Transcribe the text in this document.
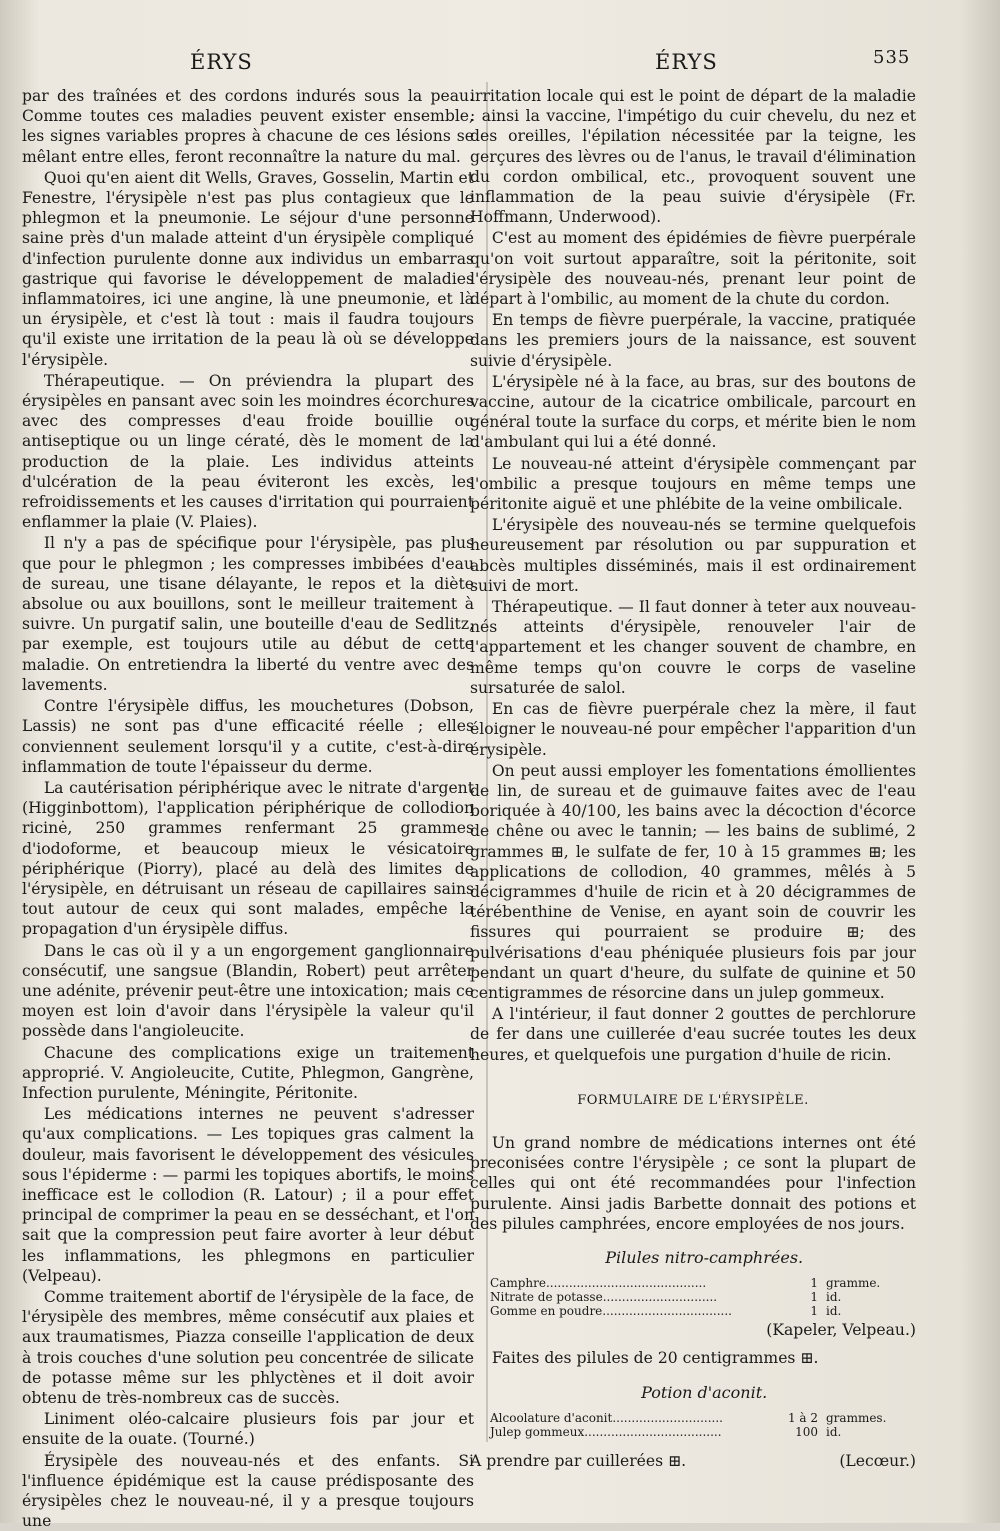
ÉRYS	ÉRYS	535

par des traînées et des cordons indurés sous la peau. Comme toutes ces maladies peuvent exister ensemble, les signes variables propres à chacune de ces lésions se mêlant entre elles, feront reconnaître la nature du mal.

Quoi qu'en aient dit Wells, Graves, Gosselin, Martin et Fenestre, l'érysipèle n'est pas plus contagieux que le phlegmon et la pneumonie. Le séjour d'une personne saine près d'un malade atteint d'un érysipèle compliqué d'infection purulente donne aux individus un embarras gastrique qui favorise le développement de maladies inflammatoires, ici une angine, là une pneumonie, et là un érysipèle, et c'est là tout : mais il faudra toujours qu'il existe une irritation de la peau là où se développe l'érysipèle.

Thérapeutique. — On préviendra la plupart des érysipèles en pansant avec soin les moindres écorchures avec des compresses d'eau froide bouillie ou antiseptique ou un linge cératé, dès le moment de la production de la plaie. Les individus atteints d'ulcération de la peau éviteront les excès, les refroidissements et les causes d'irritation qui pourraient enflammer la plaie (V. Plaies).

Il n'y a pas de spécifique pour l'érysipèle, pas plus que pour le phlegmon ; les compresses imbibées d'eau de sureau, une tisane délayante, le repos et la diète absolue ou aux bouillons, sont le meilleur traitement à suivre. Un purgatif salin, une bouteille d'eau de Sedlitz, par exemple, est toujours utile au début de cette maladie. On entretiendra la liberté du ventre avec des lavements.

Contre l'érysipèle diffus, les mouchetures (Dobson, Lassis) ne sont pas d'une efficacité réelle ; elles conviennent seulement lorsqu'il y a cutite, c'est-à-dire inflammation de toute l'épaisseur du derme.

La cautérisation périphérique avec le nitrate d'argent (Higginbottom), l'application périphérique de collodion ricinė, 250 grammes renfermant 25 grammes d'iodoforme, et beaucoup mieux le vésicatoire périphérique (Piorry), placé au delà des limites de l'érysipèle, en détruisant un réseau de capillaires sains tout autour de ceux qui sont malades, empêche la propagation d'un érysipèle diffus.

Dans le cas où il y a un engorgement ganglionnaire consécutif, une sangsue (Blandin, Robert) peut arrêter une adénite, prévenir peut-être une intoxication; mais ce moyen est loin d'avoir dans l'érysipèle la valeur qu'il possède dans l'angioleucite.

Chacune des complications exige un traitement approprié. V. Angioleucite, Cutite, Phlegmon, Gangrène, Infection purulente, Méningite, Péritonite.

Les médications internes ne peuvent s'adresser qu'aux complications. — Les topiques gras calment la douleur, mais favorisent le développement des vésicules sous l'épiderme : — parmi les topiques abortifs, le moins inefficace est le collodion (R. Latour) ; il a pour effet principal de comprimer la peau en se desséchant, et l'on sait que la compression peut faire avorter à leur début les inflammations, les phlegmons en particulier (Velpeau).

Comme traitement abortif de l'érysipèle de la face, de l'érysipèle des membres, même consécutif aux plaies et aux traumatismes, Piazza conseille l'application de deux à trois couches d'une solution peu concentrée de silicate de potasse même sur les phlyctènes et il doit avoir obtenu de très-nombreux cas de succès.

Liniment oléo-calcaire plusieurs fois par jour et ensuite de la ouate. (Tourné.)

Érysipèle des nouveau-nés et des enfants. Si l'influence épidémique est la cause prédisposante des érysipèles chez le nouveau-né, il y a presque toujours une

irritation locale qui est le point de départ de la maladie : ainsi la vaccine, l'impétigo du cuir chevelu, du nez et des oreilles, l'épilation nécessitée par la teigne, les gerçures des lèvres ou de l'anus, le travail d'élimination du cordon ombilical, etc., provoquent souvent une inflammation de la peau suivie d'érysipèle (Fr. Hoffmann, Underwood).

C'est au moment des épidémies de fièvre puerpérale qu'on voit surtout apparaître, soit la péritonite, soit l'érysipèle des nouveau-nés, prenant leur point de départ à l'ombilic, au moment de la chute du cordon.

En temps de fièvre puerpérale, la vaccine, pratiquée dans les premiers jours de la naissance, est souvent suivie d'érysipèle.

L'érysipèle né à la face, au bras, sur des boutons de vaccine, autour de la cicatrice ombilicale, parcourt en général toute la surface du corps, et mérite bien le nom d'ambulant qui lui a été donné.

Le nouveau-né atteint d'érysipèle commençant par l'ombilic a presque toujours en même temps une péritonite aiguë et une phlébite de la veine ombilicale.

L'érysipèle des nouveau-nés se termine quelquefois heureusement par résolution ou par suppuration et abcès multiples disséminés, mais il est ordinairement suivi de mort.

Thérapeutique. — Il faut donner à teter aux nouveau-nés atteints d'érysipèle, renouveler l'air de l'appartement et les changer souvent de chambre, en même temps qu'on couvre le corps de vaseline sursaturée de salol.

En cas de fièvre puerpérale chez la mère, il faut éloigner le nouveau-né pour empêcher l'apparition d'un érysipèle.

On peut aussi employer les fomentations émollientes de lin, de sureau et de guimauve faites avec de l'eau boriquée à 40/100, les bains avec la décoction d'écorce de chêne ou avec le tannin; — les bains de sublimé, 2 grammes ⊞, le sulfate de fer, 10 à 15 grammes ⊞; les applications de collodion, 40 grammes, mêlés à 5 décigrammes d'huile de ricin et à 20 décigrammes de térébenthine de Venise, en ayant soin de couvrir les fissures qui pourraient se produire ⊞; des pulvérisations d'eau phéniquée plusieurs fois par jour pendant un quart d'heure, du sulfate de quinine et 50 centigrammes de résorcine dans un julep gommeux.

A l'intérieur, il faut donner 2 gouttes de perchlorure de fer dans une cuillerée d'eau sucrée toutes les deux heures, et quelquefois une purgation d'huile de ricin.

FORMULAIRE DE L'ÉRYSIPÈLE.

Un grand nombre de médications internes ont été preconisées contre l'érysipèle ; ce sont la plupart de celles qui ont été recommandées pour l'infection purulente. Ainsi jadis Barbette donnait des potions et des pilules camphrées, encore employées de nos jours.

Pilules nitro-camphrées.

Camphre..........................................	1	gramme.
Nitrate de potasse..............................	1	id.
Gomme en poudre..................................	1	id.

(Kapeler, Velpeau.)

Faites des pilules de 20 centigrammes ⊞.

Potion d'aconit.

Alcoolature d'aconit.............................	1 à 2	grammes.
Julep gommeux....................................	100	id.

A prendre par cuillerées ⊞.	(Lecœur.)
